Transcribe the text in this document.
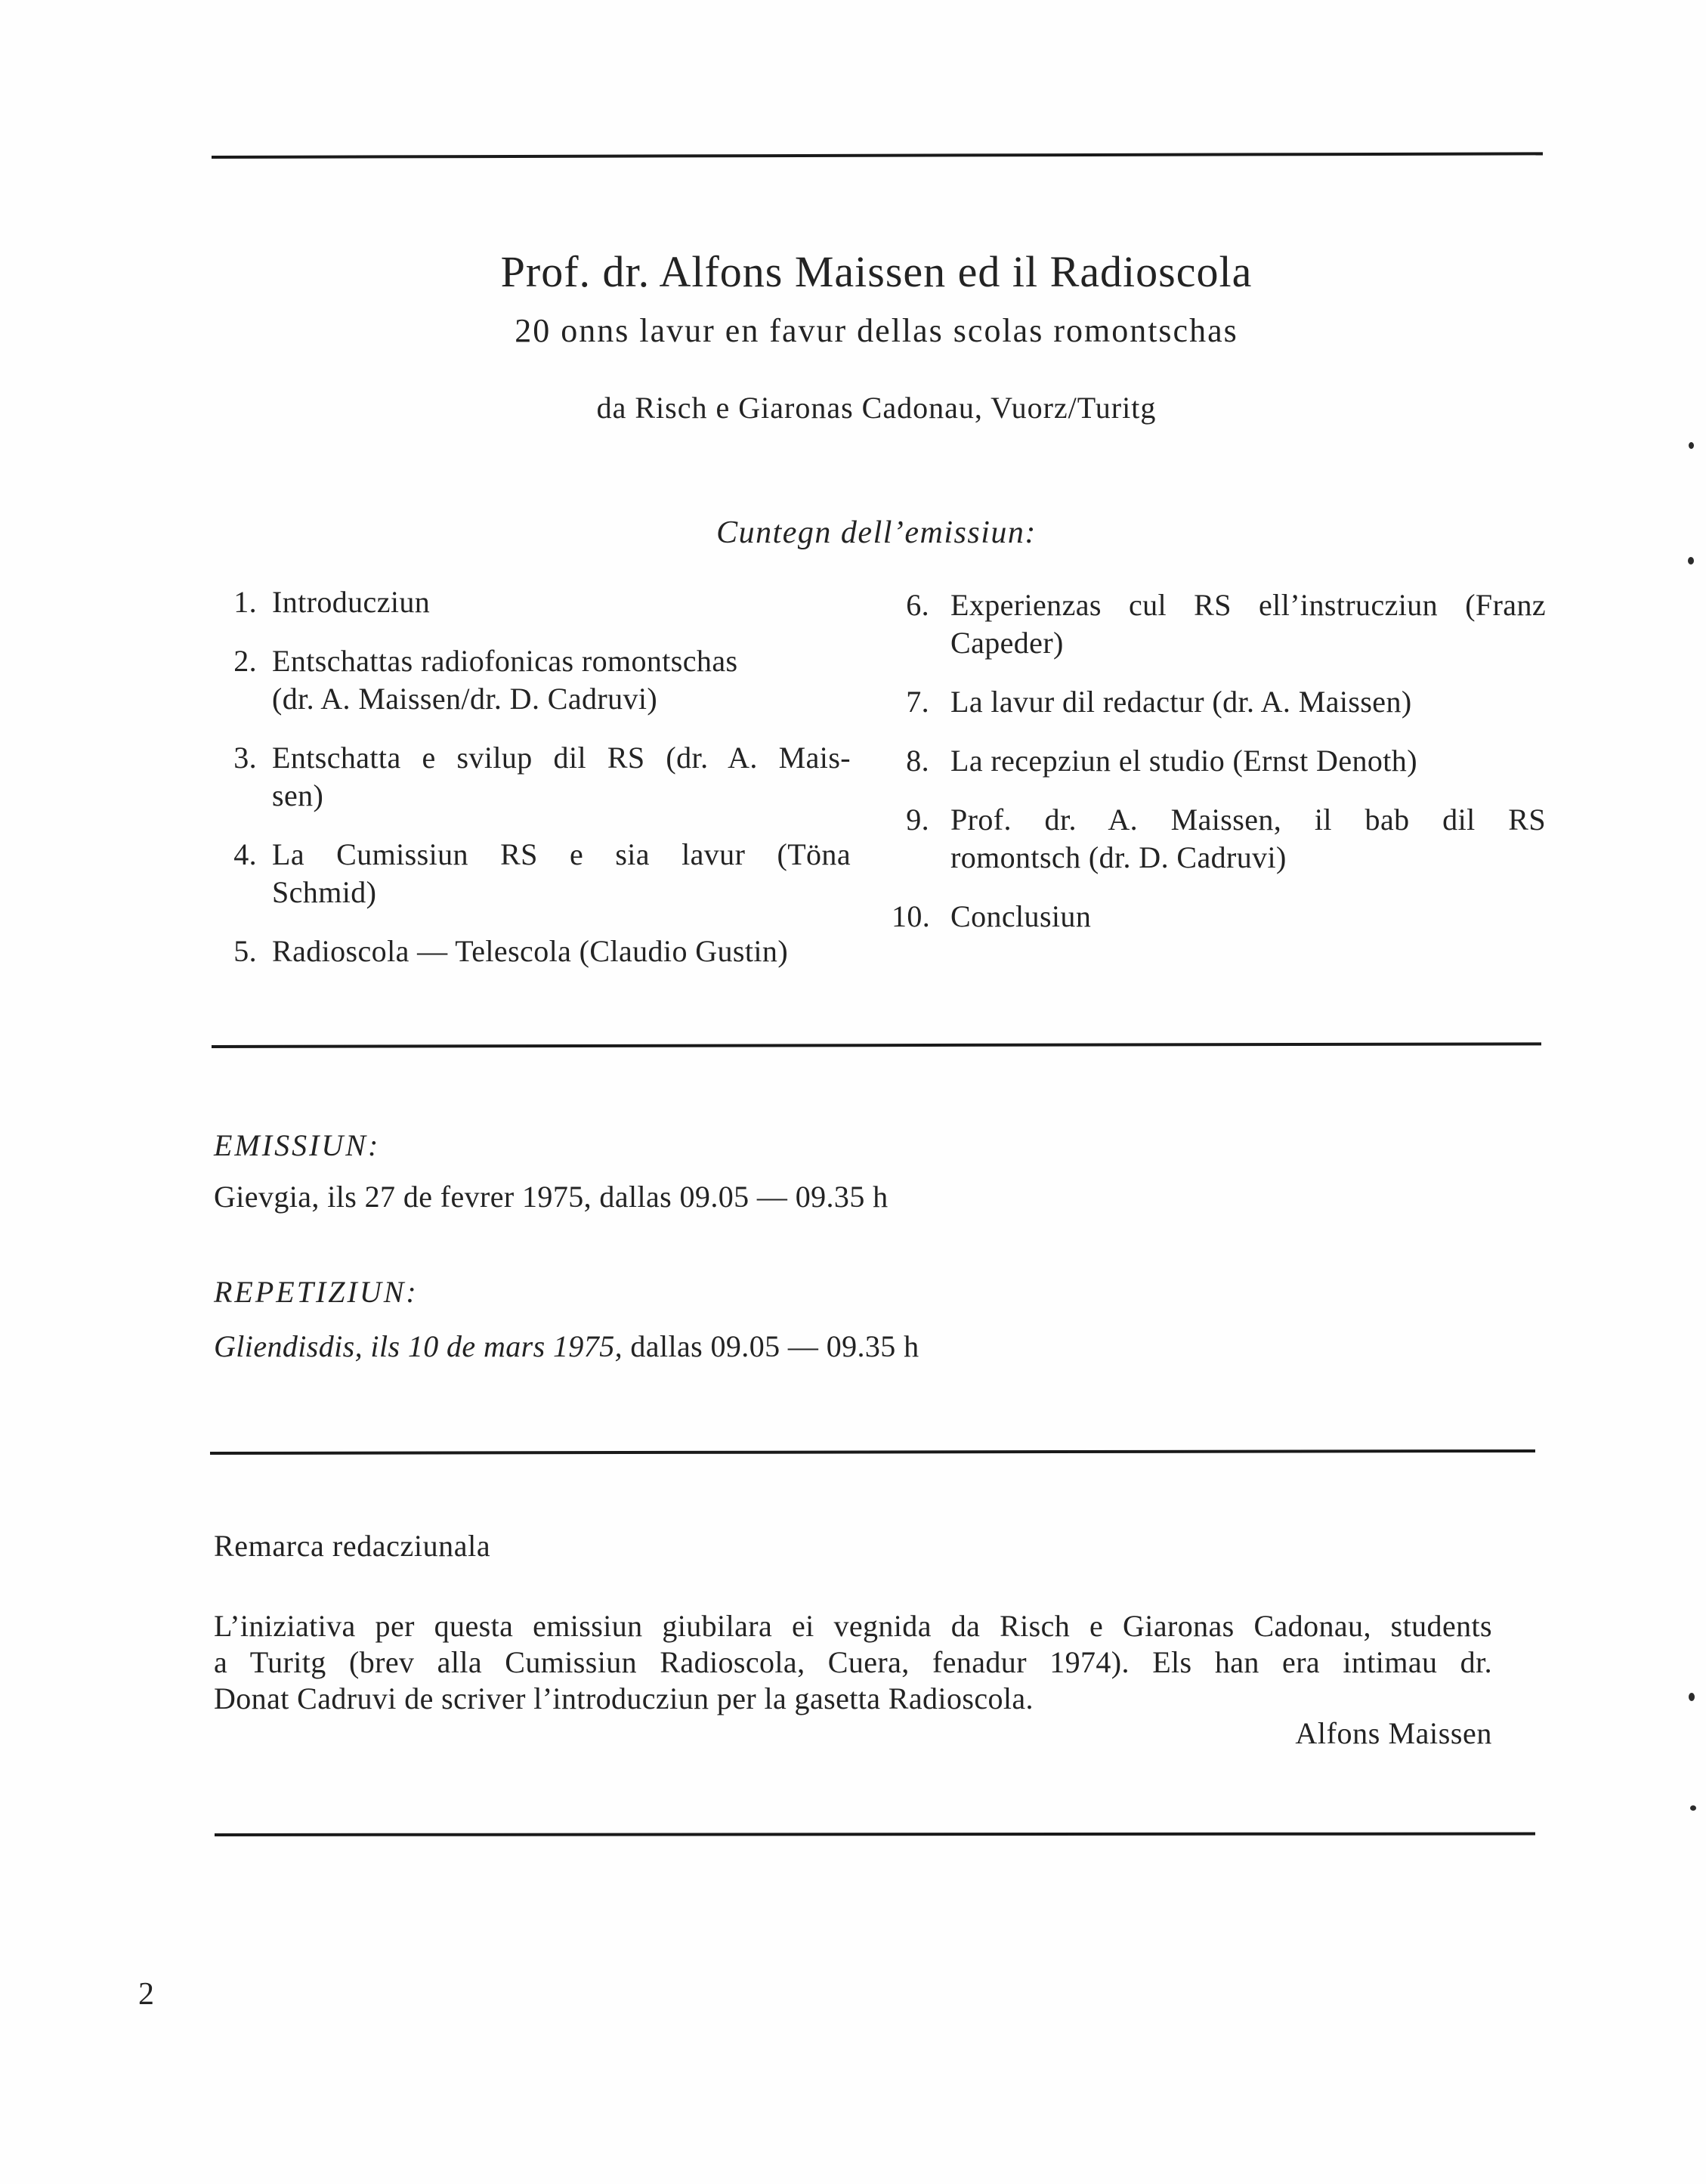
Prof. dr. Alfons Maissen ed il Radioscola
20 onns lavur en favur dellas scolas romontschas
da Risch e Giaronas Cadonau, Vuorz/Turitg
Cuntegn dell’emissiun:
1. Introducziun
2. Entschattas radiofonicas romontschas
(dr. A. Maissen/dr. D. Cadruvi)
3. Entschatta e svilup dil RS (dr. A. Mais-
sen)
4. La Cumissiun RS e sia lavur (Töna
Schmid)
5. Radioscola — Telescola (Claudio Gustin)
6. Experienzas cul RS ell’instrucziun (Franz
Capeder)
7. La lavur dil redactur (dr. A. Maissen)
8. La recepziun el studio (Ernst Denoth)
9. Prof. dr. A. Maissen, il bab dil RS
romontsch (dr. D. Cadruvi)
10. Conclusiun
EMISSIUN:
Gievgia, ils 27 de fevrer 1975, dallas 09.05 — 09.35 h
REPETIZIUN:
Gliendisdis, ils 10 de mars 1975, dallas 09.05 — 09.35 h
Remarca redacziunala
L’iniziativa per questa emissiun giubilara ei vegnida da Risch e Giaronas Cadonau, students
a Turitg (brev alla Cumissiun Radioscola, Cuera, fenadur 1974). Els han era intimau dr.
Donat Cadruvi de scriver l’introducziun per la gasetta Radioscola.
Alfons Maissen
2
